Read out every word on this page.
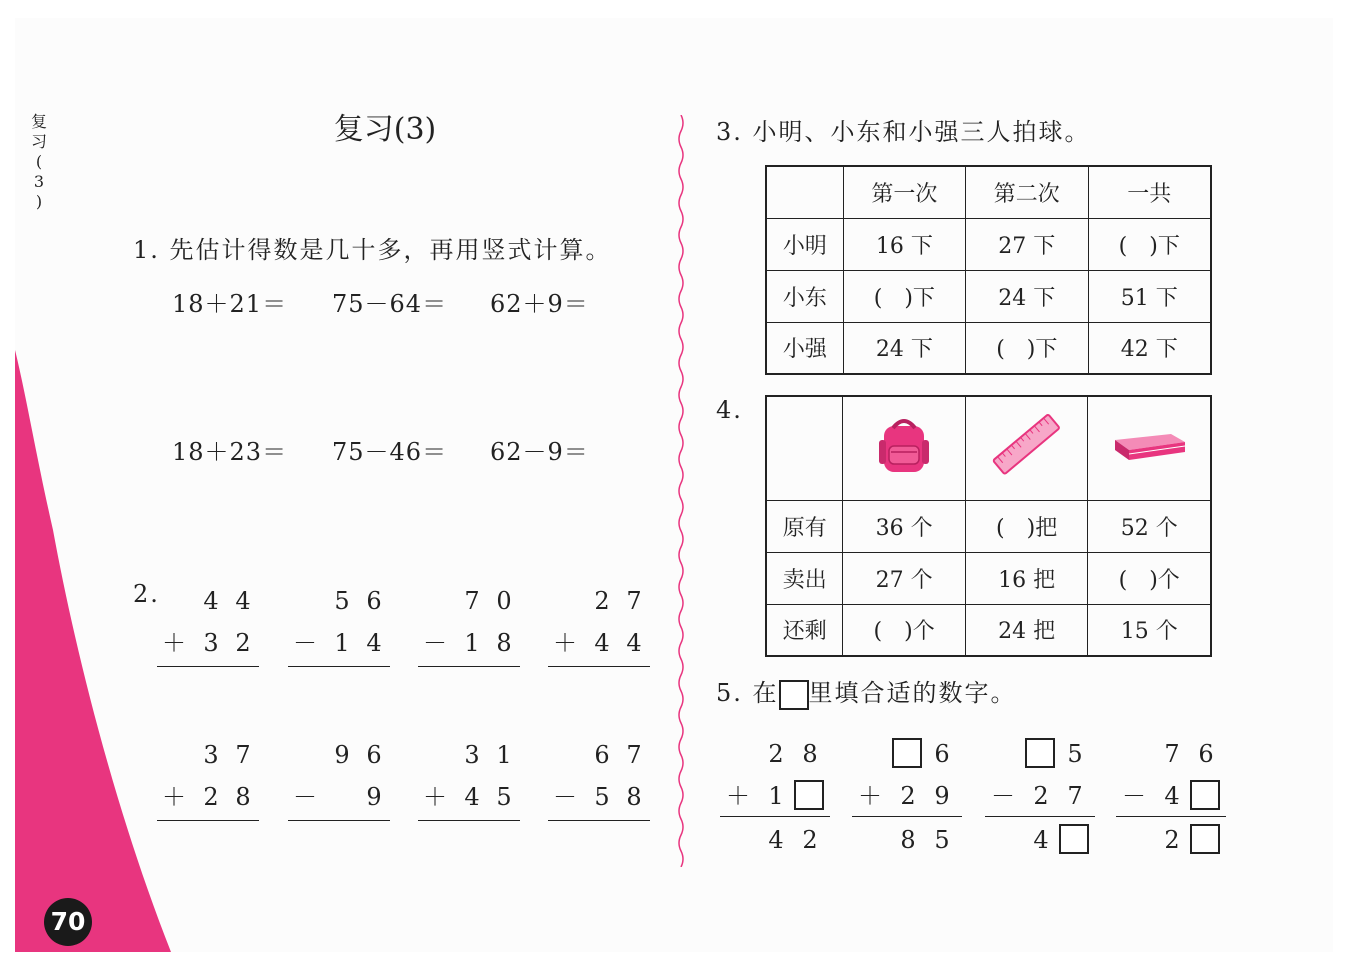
70
复
习
(
3
)
复习(3)
1. 先估计得数是几十多，再用竖式计算。
18＋21＝ 75－64＝ 62＋9＝
18＋23＝ 75－46＝ 62－9＝
2. 4 4
＋ 3 2
5 6
－ 1 4
7 0
－ 1 8
2 7
＋ 4 4
3 7
＋ 2 8
9 6
－ 9
3 1
＋ 4 5
6 7
－ 5 8
3. 小明、小东和小强三人拍球。
	第一次	第二次	一共
小明	16 下	27 下	(　)下
小东	(　)下	24 下	51 下
小强	24 下	(　)下	42 下
4.

原有	36 个	(　)把	52 个
卖出	27 个	16 把	(　)个
还剩	(　)个	24 把	15 个
5. 在 里填合适的数字。
2 8
＋ 1
4 2
6
＋ 2 9
8 5
5
－ 2 7
4
7 6
－ 4
2
